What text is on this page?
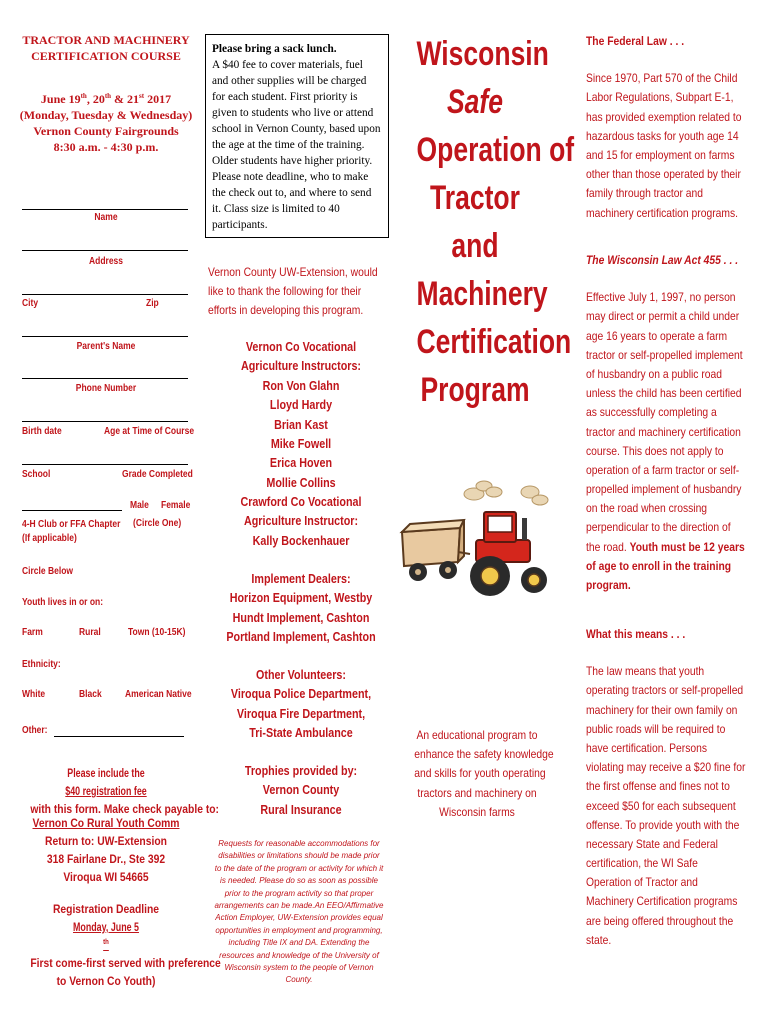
TRACTOR AND MACHINERY
CERTIFICATION COURSE
June 19th, 20th & 21st 2017
(Monday, Tuesday & Wednesday)
Vernon County Fairgrounds
8:30 a.m. - 4:30 p.m.
Name
Address
City	Zip
Parent's Name
Phone Number
Birth date	Age at Time of Course
School	Grade Completed
Male Female
4-H Club or FFA Chapter
(If applicable)
(Circle One)
Circle Below
Youth lives in or on:
Farm	Rural	Town (10-15K)
Ethnicity:
White	Black American Native
Other:
Please include the
$40 registration fee
with this form. Make check payable to:
Vernon Co Rural Youth Comm
Return to: UW-Extension
318 Fairlane Dr., Ste 392
Viroqua WI 54665
Registration Deadline
Monday, June 5
$^{th}$
First come-first served with preference
to Vernon Co Youth)
Please bring a sack lunch.
A $40 fee to cover materials, fuel and other supplies will be charged for each student. First priority is given to students who live or attend school in Vernon County, based upon the age at the time of the training. Older students have higher priority. Please note deadline, who to make the check out to, and where to send it. Class size is limited to 40 participants.
Vernon County UW-Extension, would like to thank the following for their efforts in developing this program.
Vernon Co Vocational
Agriculture Instructors:
Ron Von Glahn
Lloyd Hardy
Brian Kast
Mike Fowell
Erica Hoven
Mollie Collins
Crawford Co Vocational
Agriculture Instructor:
Kally Bockenhauer
Implement Dealers:
Horizon Equipment, Westby
Hundt Implement, Cashton
Portland Implement, Cashton
Other Volunteers:
Viroqua Police Department,
Viroqua Fire Department,
Tri-State Ambulance
Trophies provided by:
Vernon County
Rural Insurance
Requests for reasonable accommodations for disabilities or limitations should be made prior to the date of the program or activity for which it is needed. Please do so as soon as possible prior to the program activity so that proper arrangements can be made.An EEO/Affirmative Action Employer, UW-Extension provides equal opportunities in employment and programming, including Title IX and DA. Extending the resources and knowledge of the University of Wisconsin system to the people of Vernon County.
Wisconsin
Safe
Operation of
Tractor
and
Machinery
Certification
Program
An educational program to
enhance the safety knowledge
and skills for youth operating
tractors and machinery on
Wisconsin farms
The Federal Law . . .
Since 1970, Part 570 of the Child Labor Regulations, Subpart E-1, has provided exemption related to hazardous tasks for youth age 14 and 15 for employment on farms other than those operated by their family through tractor and machinery certification programs.
The Wisconsin Law Act 455 . . .
Effective July 1, 1997, no person may direct or permit a child under age 16 years to operate a farm tractor or self-propelled implement of husbandry on a public road unless the child has been certified as successfully completing a tractor and machinery certification course. This does not apply to operation of a farm tractor or self-propelled implement of husbandry on the road when crossing perpendicular to the direction of the road. Youth must be 12 years of age to enroll in the training program.
What this means . . .
The law means that youth operating tractors or self-propelled machinery for their own family on public roads will be required to have certification. Persons violating may receive a $20 fine for the first offense and fines not to exceed $50 for each subsequent offense. To provide youth with the necessary State and Federal certification, the WI Safe Operation of Tractor and Machinery Certification programs are being offered throughout the state.
